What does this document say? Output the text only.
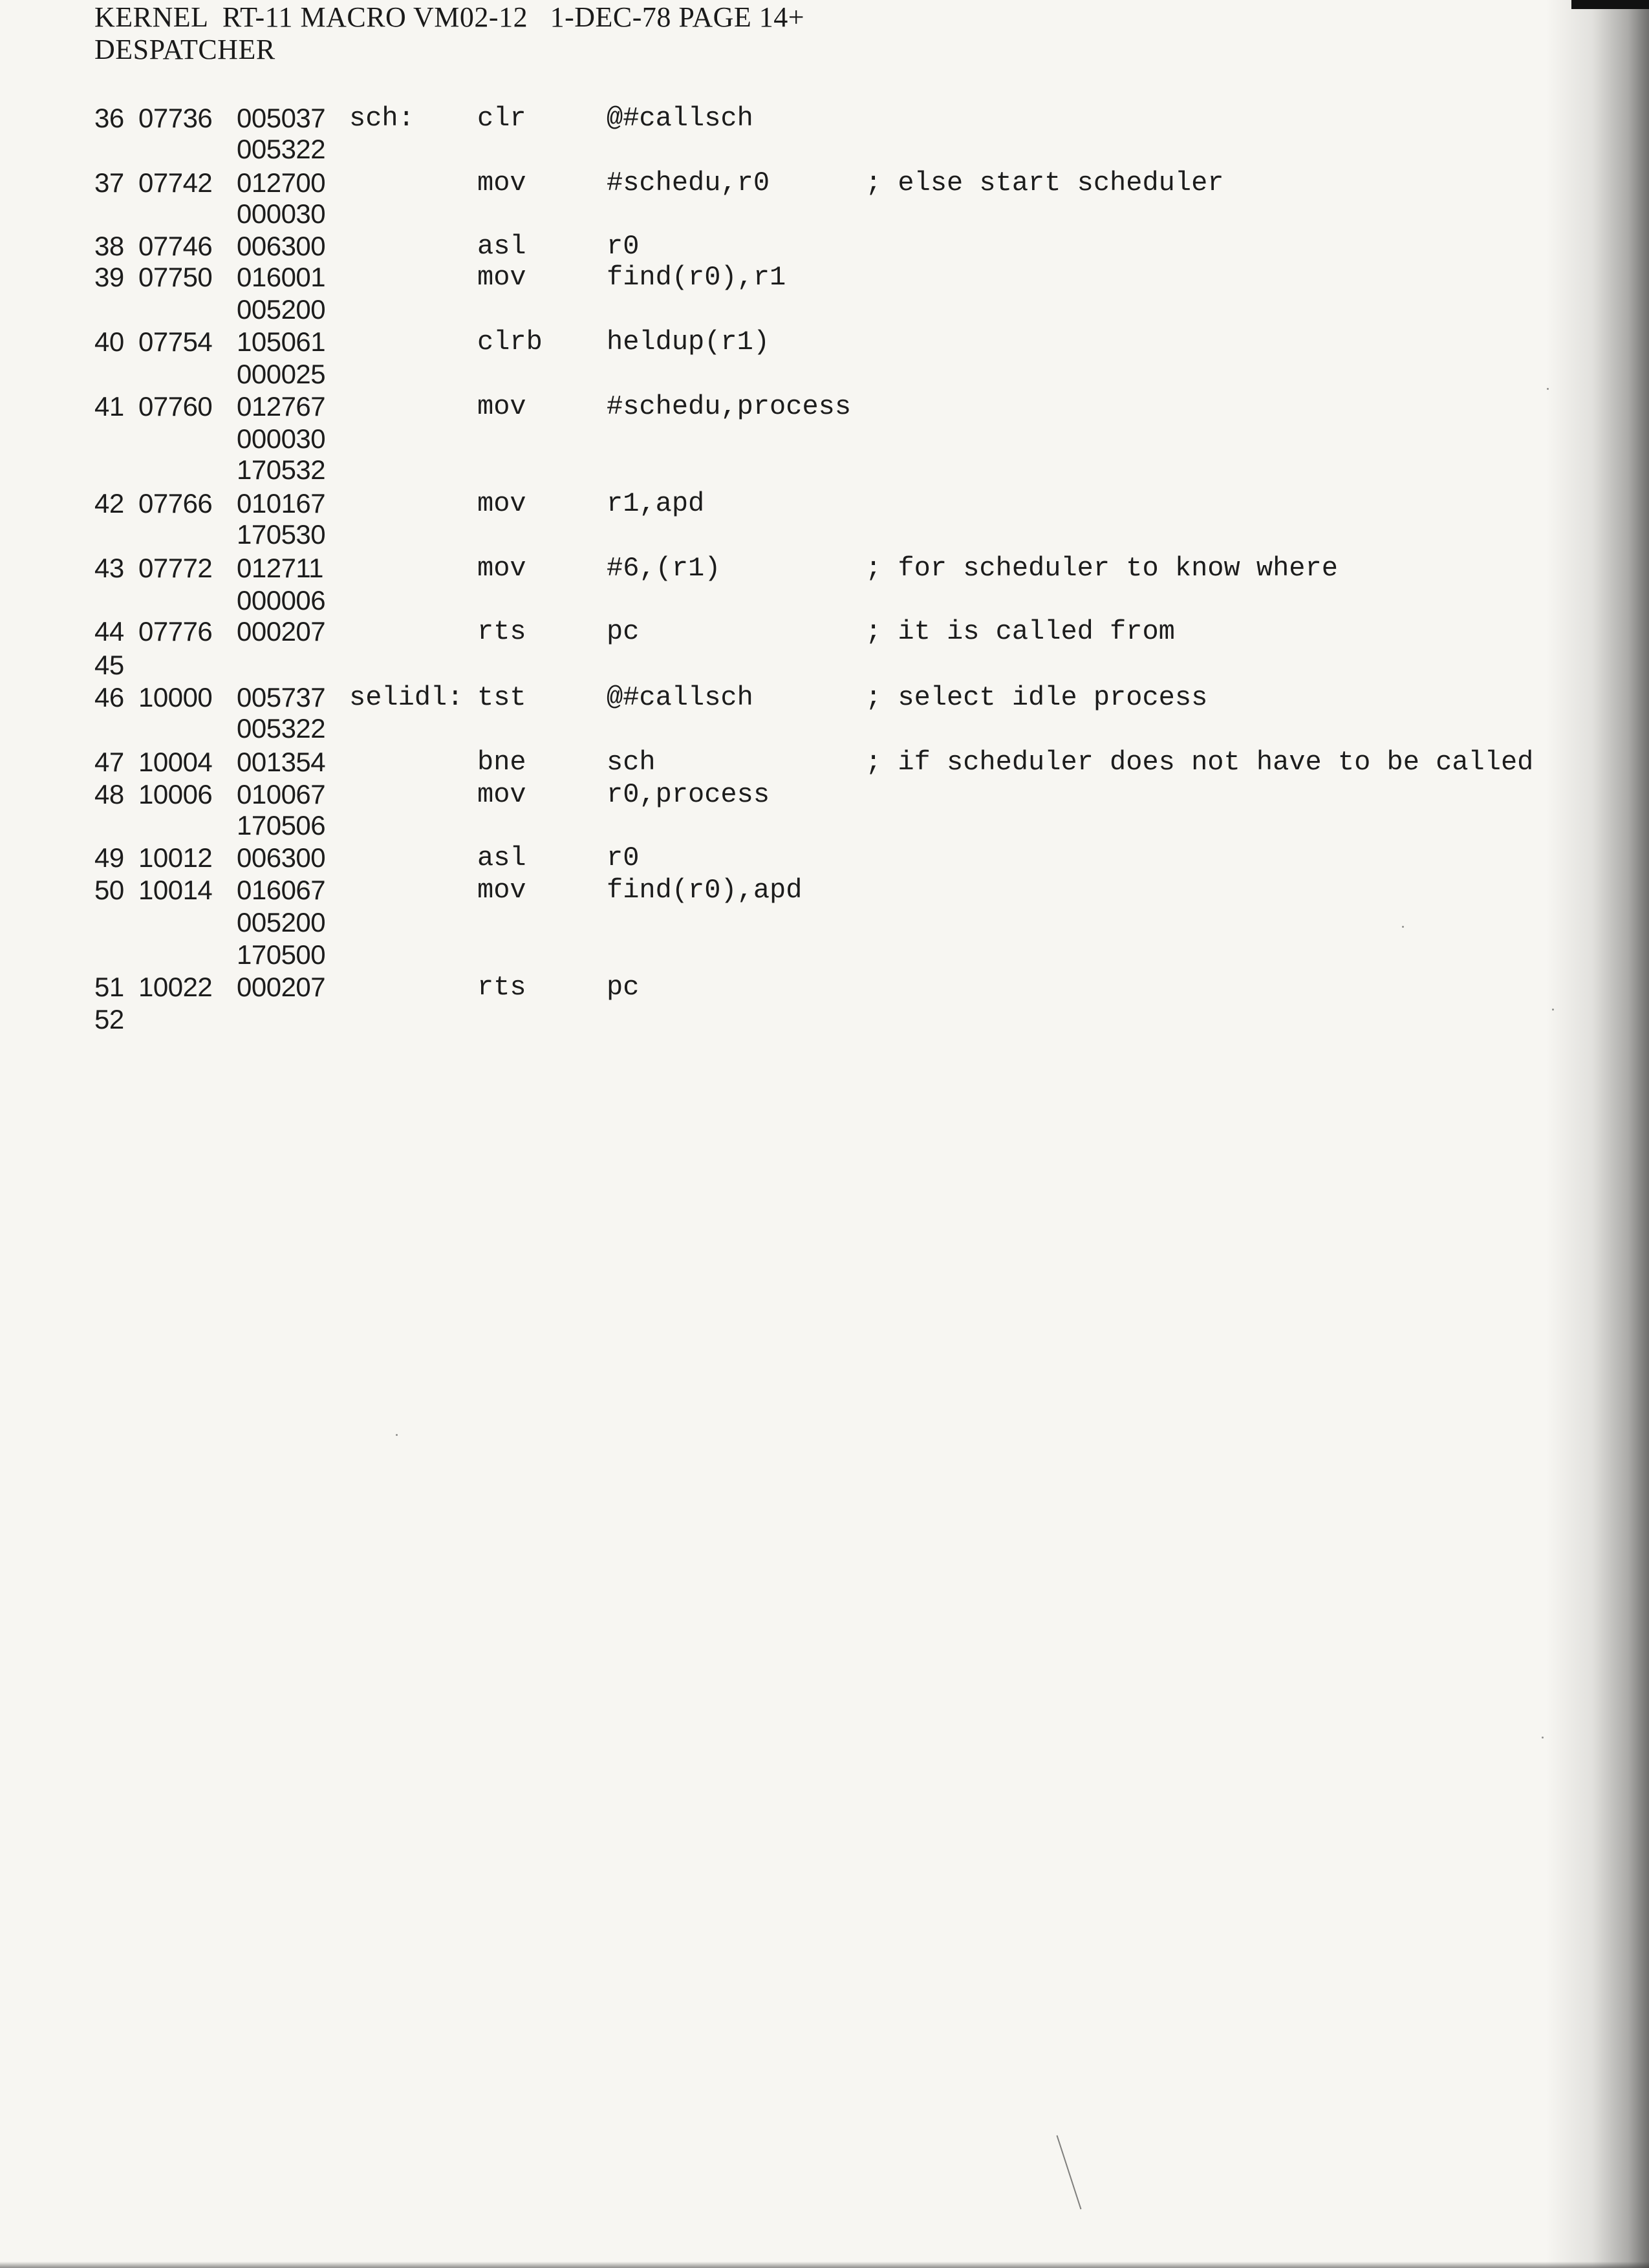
KERNEL  RT-11 MACRO VM02-12   1-DEC-78 PAGE 14+
DESPATCHER
36 07736 005037 sch: clr	@#callsch
005322
37 07742 012700	mov	#schedu,r0	; else start scheduler
000030
38 07746 006300	asl	r0
39 07750 016001	mov	find(r0),r1
005200
40 07754 105061	clrb heldup(r1)
000025
41 07760 012767	mov	#schedu,process
000030
170532
42 07766 010167	mov	r1,apd
170530
43 07772 012711	mov	#6,(r1)	; for scheduler to know where
000006
44 07776 000207	rts	pc	; it is called from
45
46 10000 005737 selidl: tst	@#callsch	; select idle process
005322
47 10004 001354	bne	sch	; if scheduler does not have to be called
48 10006 010067	mov	r0,process
170506
49 10012 006300	asl	r0
50 10014 016067	mov	find(r0),apd
005200
170500
51 10022 000207	rts	pc
52
